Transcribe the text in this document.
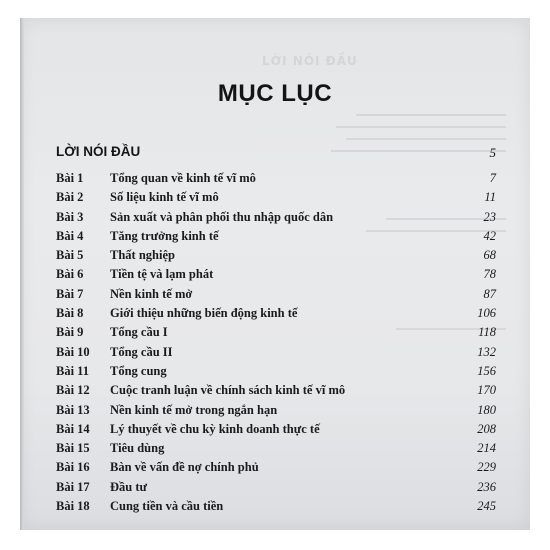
LỜI NÓI ĐẦU
MỤC LỤC
LỜI NÓI ĐẦU	5
Bài 1 Tổng quan về kinh tế vĩ mô	7
Bài 2 Số liệu kinh tế vĩ mô	11
Bài 3 Sản xuất và phân phối thu nhập quốc dân	23
Bài 4 Tăng trưởng kinh tế	42
Bài 5 Thất nghiệp	68
Bài 6 Tiền tệ và lạm phát	78
Bài 7 Nền kinh tế mở	87
Bài 8 Giới thiệu những biến động kinh tế	106
Bài 9 Tổng cầu I	118
Bài 10 Tổng cầu II	132
Bài 11 Tổng cung	156
Bài 12 Cuộc tranh luận về chính sách kinh tế vĩ mô	170
Bài 13 Nền kinh tế mở trong ngắn hạn	180
Bài 14 Lý thuyết về chu kỳ kinh doanh thực tế	208
Bài 15 Tiêu dùng	214
Bài 16 Bàn về vấn đề nợ chính phủ	229
Bài 17 Đầu tư	236
Bài 18 Cung tiền và cầu tiền	245
